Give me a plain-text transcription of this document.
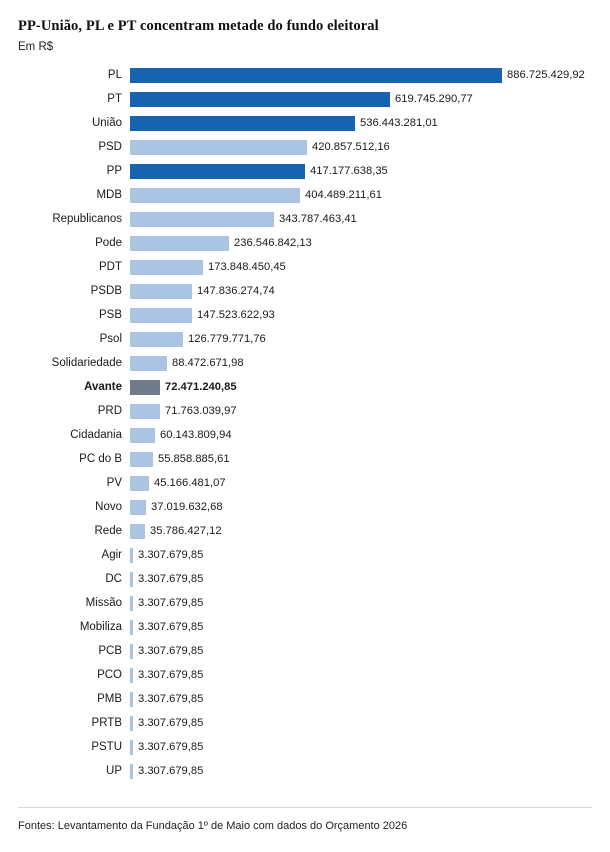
PP-União, PL e PT concentram metade do fundo eleitoral
Em R$
PL	886.725.429,92
PT	619.745.290,77
União	536.443.281,01
PSD	420.857.512,16
PP	417.177.638,35
MDB	404.489.211,61
Republicanos	343.787.463,41
Pode	236.546.842,13
PDT	173.848.450,45
PSDB	147.836.274,74
PSB	147.523.622,93
Psol	126.779.771,76
Solidariedade	88.472.671,98
Avante	72.471.240,85
PRD	71.763.039,97
Cidadania	60.143.809,94
PC do B	55.858.885,61
PV	45.166.481,07
Novo	37.019.632,68
Rede	35.786.427,12
Agir	3.307.679,85
DC	3.307.679,85
Missão	3.307.679,85
Mobiliza	3.307.679,85
PCB	3.307.679,85
PCO	3.307.679,85
PMB	3.307.679,85
PRTB	3.307.679,85
PSTU	3.307.679,85
UP	3.307.679,85
Fontes: Levantamento da Fundação 1º de Maio com dados do Orçamento 2026
